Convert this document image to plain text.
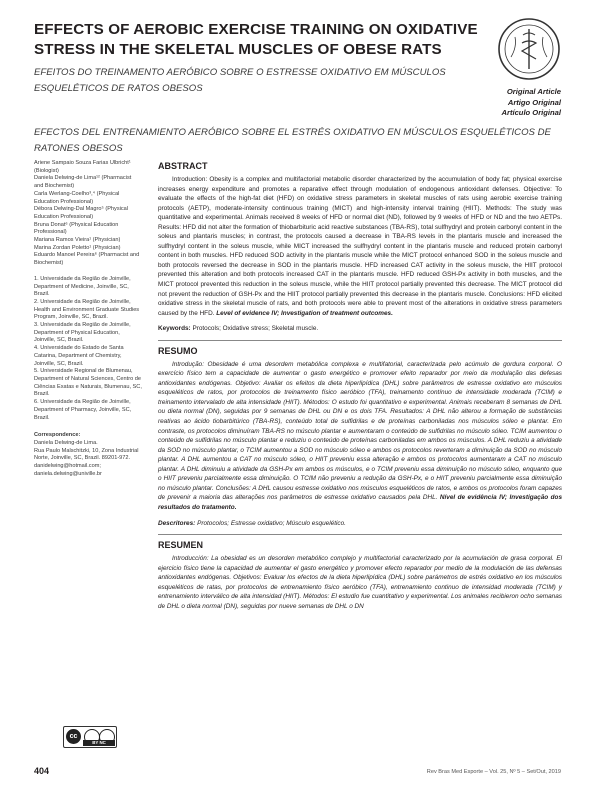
EFFECTS OF AEROBIC EXERCISE TRAINING ON OXIDATIVE STRESS IN THE SKELETAL MUSCLES OF OBESE RATS
EFEITOS DO TREINAMENTO AERÓBICO SOBRE O ESTRESSE OXIDATIVO EM MÚSCULOS ESQUELÉTICOS DE RATOS OBESOS
EFECTOS DEL ENTRENAMIENTO AERÓBICO SOBRE EL ESTRÉS OXIDATIVO EN MÚSCULOS ESQUELÉTICOS DE RATONES OBESOS
Original Article
Artigo Original
Artículo Original
Ariene Sampaio Souza Farias Ulbricht¹ (Biologist)
Daniela Delwing-de Lima¹² (Pharmacist and Biochemist)
Carla Werlang-Coelho³,⁴ (Physical Education Professional)
Débora Delwing-Dal Magro⁵ (Physical Education Professional)
Bruna Donat⁶ (Physical Education Professional)
Mariana Ramos Vieira¹ (Physician)
Marina Zordan Poletto¹ (Physician)
Eduardo Manoel Pereira⁶ (Pharmacist and Biochemist)
1. Universidade da Região de Joinville, Department of Medicine, Joinville, SC, Brazil.
2. Universidade da Região de Joinville, Health and Environment Graduate Studies Program, Joinville, SC, Brazil.
3. Universidade da Região de Joinville, Department of Physical Education, Joinville, SC, Brazil.
4. Universidade do Estado de Santa Catarina, Department of Chemistry, Joinville, SC, Brazil.
5. Universidade Regional de Blumenau, Department of Natural Sciences, Centro de Ciências Exatas e Naturais, Blumenau, SC, Brazil.
6. Universidade da Região de Joinville, Department of Pharmacy, Joinville, SC, Brazil.
Correspondence:
Daniela Delwing-de Lima.
Rua Paulo Malschitzki, 10, Zona Industrial Norte, Joinville, SC, Brazil. 89201-972.
danidelwing@hotmail.com;
daniela.delwing@univille.br
ABSTRACT

Introduction: Obesity is a complex and multifactorial metabolic disorder characterized by the accumulation of body fat; physical exercise increases energy expenditure and promotes a reparative effect through modulation of endogenous antioxidant defenses. Objective: To evaluate the effects of the high-fat diet (HFD) on oxidative stress parameters in skeletal muscles of rats using aerobic exercise training protocols (AETP), moderate-intensity continuous training (MICT) and high-intensity interval training (HIIT). Methods: The study was quantitative and experimental. Animals received 8 weeks of HFD or normal diet (ND), followed by 9 weeks of HFD or ND and the two AETPs. Results: HFD did not alter the formation of thiobarbituric acid reactive substances (TBA-RS), total sulfhydryl and protein carbonyl content in the soleus and plantaris muscles; in contrast, the protocols caused a decrease in TBA-RS levels in the plantaris muscle and increased the sulfhydryl content in the soleus muscle, while MICT increased the sulfhydryl content in the plantaris muscle and reduced protein carbonyl content in both muscles. HFD reduced SOD activity in the plantaris muscle while the MICT protocol enhanced SOD in the soleus muscle and both protocols reversed the decrease in SOD in the plantaris muscle. HFD increased CAT activity in the soleus muscle, the HIIT protocol prevented this alteration and both protocols increased CAT in the plantaris muscle. HFD reduced GSH-Px activity in both muscles, and the MICT protocol prevented this reduction in the soleus muscle, while the HIIT protocol partially prevented this decrease. The MICT protocol did not prevent the reduction of GSH-Px and the HIIT protocol partially prevented this decrease in the plantaris muscle. Conclusions: HFD elicited oxidative stress in the skeletal muscle of rats, and both protocols were able to prevent most of the alterations in oxidative stress parameters caused by the HFD. Level of evidence IV; Investigation of treatment outcomes.

Keywords: Protocols; Oxidative stress; Skeletal muscle.
RESUMO

Introdução: Obesidade é uma desordem metabólica complexa e multifatorial, caracterizada pelo acúmulo de gordura corporal. O exercício físico tem a capacidade de aumentar o gasto energético e promover efeito reparador por meio da modulação das defesas antioxidantes endógenas. Objetivo: Avaliar os efeitos da dieta hiperlipídica (DHL) sobre parâmetros de estresse oxidativo em músculos esqueléticos de ratos, por protocolos de treinamento físico aeróbico (TFA), treinamento contínuo de intensidade moderada (TCIM) e treinamento intervalado de alta intensidade (HIIT). Métodos: O estudo foi quantitativo e experimental. Animais receberam 8 semanas de DHL ou dieta normal (DN), seguidas por 9 semanas de DHL ou DN e os dois TFA. Resultados: A DHL não alterou a formação de substâncias reativas ao ácido tiobarbitúrico (TBA-RS), conteúdo total de sulfidrilas e de proteínas carboniladas nos músculos sóleo e plantar. Em contraste, os protocolos diminuíram TBA-RS no músculo plantar e aumentaram o conteúdo de sulfidrilas no músculo sóleo. TCIM aumentou o conteúdo de sulfidrilas no músculo plantar e reduziu o conteúdo de proteínas carboniladas em ambos os músculos. A DHL reduziu a atividade da SOD no músculo plantar, o TCIM aumentou a SOD no músculo sóleo e ambos os protocolos reverteram a diminuição da SOD no músculo plantar. A DHL aumentou a CAT no músculo sóleo, o HIIT preveniu essa alteração e ambos os protocolos aumentaram a CAT no músculo plantar. A DHL diminuiu a atividade da GSH-Px em ambos os músculos, e o TCIM preveniu essa diminuição no músculo sóleo, enquanto que o HIIT preveniu parcialmente essa diminuição. O TCIM não preveniu a redução da GSH-Px, e o HIIT preveniu parcialmente essa diminuição no músculo plantar. Conclusões: A DHL causou estresse oxidativo nos músculos esqueléticos de ratos, e ambos os protocolos foram capazes de prevenir a maioria das alterações nos parâmetros de estresse oxidativo causados pela DHL. Nível de evidência IV; Investigação dos resultados do tratamento.

Descritores: Protocolos; Estresse oxidativo; Músculo esquelético.
RESUMEN

Introducción: La obesidad es un desorden metabólico complejo y multifactorial caracterizado por la acumulación de grasa corporal. El ejercicio físico tiene la capacidad de aumentar el gasto energético y promover efecto reparador por medio de la modulación de las defensas antioxidantes endógenas. Objetivos: Evaluar los efectos de la dieta hiperlipídica (DHL) sobre parámetros de estrés oxidativo en los músculos esqueléticos de ratas, por protocolos de entrenamiento físico aeróbico (TFA), entrenamiento continuo de intensidad moderada (TCIM) y entrenamiento interválico de alta intensidad (HIIT). Métodos: El estudio fue cuantitativo y experimental. Los animales recibieron ocho semanas de DHL o dieta normal (DN), seguidas por nueve semanas de DHL o DN

cc
BY NC
404	Rev Bras Med Esporte – Vol. 25, Nº 5 – Set/Out, 2019
